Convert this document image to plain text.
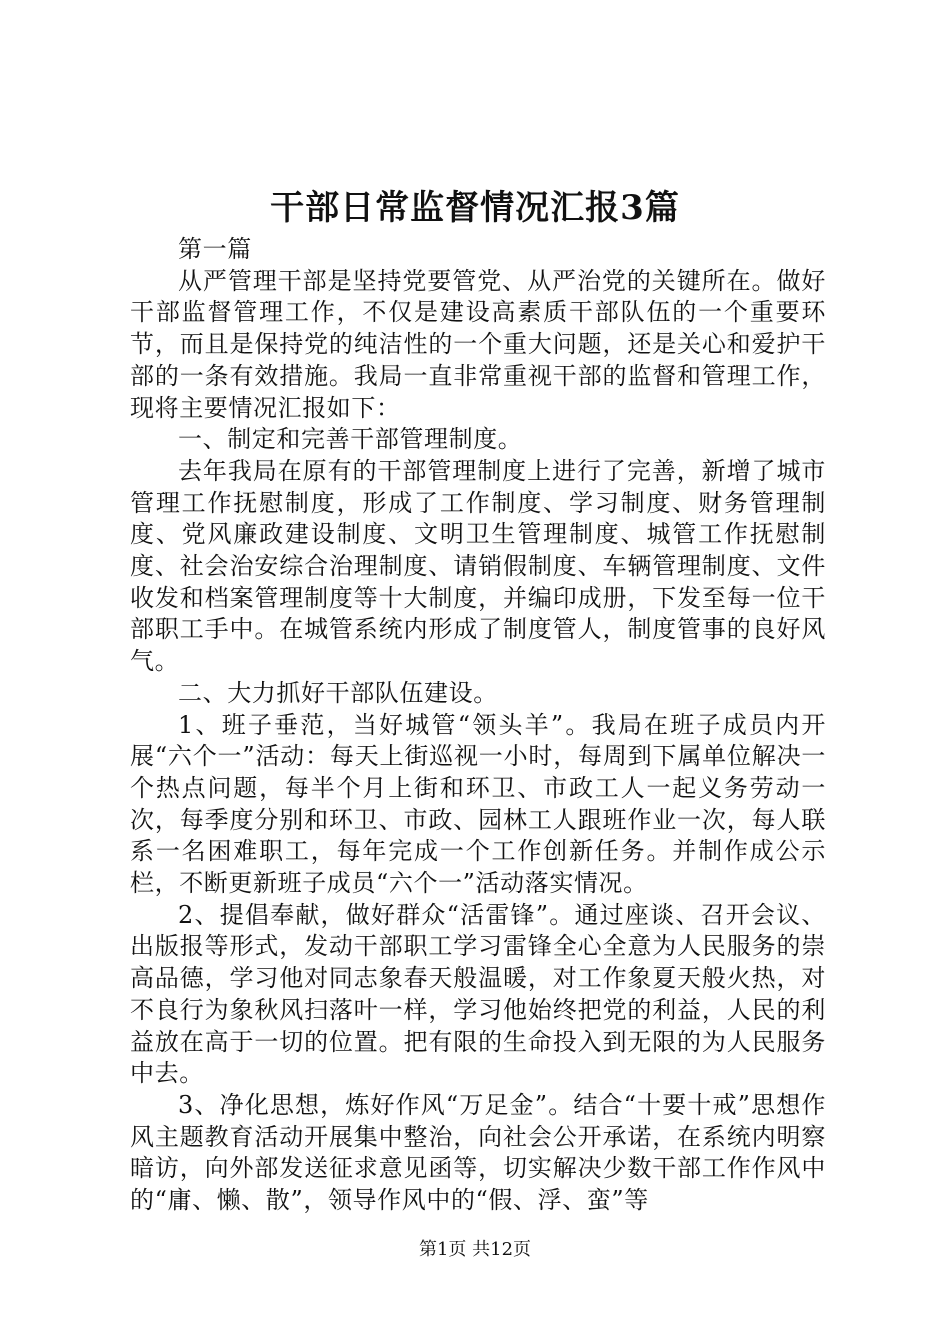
干部日常监督情况汇报3篇

第一篇

从严管理干部是坚持党要管党、从严治党的关键所在。做好干部监督管理工作，不仅是建设高素质干部队伍的一个重要环节，而且是保持党的纯洁性的一个重大问题，还是关心和爱护干部的一条有效措施。我局一直非常重视干部的监督和管理工作，现将主要情况汇报如下：

一、制定和完善干部管理制度。

去年我局在原有的干部管理制度上进行了完善，新增了城市管理工作抚慰制度，形成了工作制度、学习制度、财务管理制度、党风廉政建设制度、文明卫生管理制度、城管工作抚慰制度、社会治安综合治理制度、请销假制度、车辆管理制度、文件收发和档案管理制度等十大制度，并编印成册，下发至每一位干部职工手中。在城管系统内形成了制度管人，制度管事的良好风气。

二、大力抓好干部队伍建设。

1、班子垂范，当好城管“领头羊”。我局在班子成员内开展“六个一”活动：每天上街巡视一小时，每周到下属单位解决一个热点问题，每半个月上街和环卫、市政工人一起义务劳动一次，每季度分别和环卫、市政、园林工人跟班作业一次，每人联系一名困难职工，每年完成一个工作创新任务。并制作成公示栏，不断更新班子成员“六个一”活动落实情况。

2、提倡奉献，做好群众“活雷锋”。通过座谈、召开会议、出版报等形式，发动干部职工学习雷锋全心全意为人民服务的崇高品德，学习他对同志象春天般温暖，对工作象夏天般火热，对不良行为象秋风扫落叶一样，学习他始终把党的利益，人民的利益放在高于一切的位置。把有限的生命投入到无限的为人民服务中去。

3、净化思想，炼好作风“万足金”。结合“十要十戒”思想作风主题教育活动开展集中整治，向社会公开承诺，在系统内明察暗访，向外部发送征求意见函等，切实解决少数干部工作作风中的“庸、懒、散”，领导作风中的“假、浮、蛮”等

第1页 共12页
